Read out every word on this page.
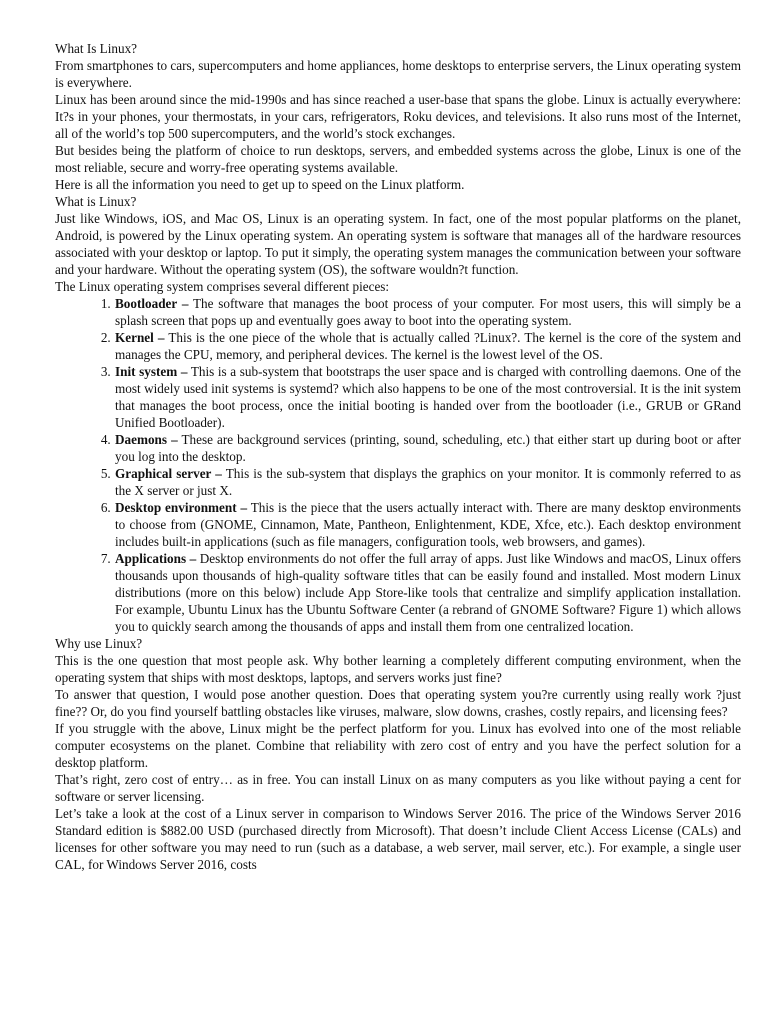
What Is Linux?

From smartphones to cars, supercomputers and home appliances, home desktops to enterprise servers, the Linux operating system is everywhere.

Linux has been around since the mid-1990s and has since reached a user-base that spans the globe. Linux is actually everywhere: It?s in your phones, your thermostats, in your cars, refrigerators, Roku devices, and televisions. It also runs most of the Internet, all of the world’s top 500 supercomputers, and the world’s stock exchanges.

But besides being the platform of choice to run desktops, servers, and embedded systems across the globe, Linux is one of the most reliable, secure and worry-free operating systems available.

Here is all the information you need to get up to speed on the Linux platform.

What is Linux?

Just like Windows, iOS, and Mac OS, Linux is an operating system. In fact, one of the most popular platforms on the planet, Android, is powered by the Linux operating system. An operating system is software that manages all of the hardware resources associated with your desktop or laptop. To put it simply, the operating system manages the communication between your software and your hardware. Without the operating system (OS), the software wouldn?t function.

The Linux operating system comprises several different pieces:

1. Bootloader – The software that manages the boot process of your computer. For most users, this will simply be a splash screen that pops up and eventually goes away to boot into the operating system.
2. Kernel – This is the one piece of the whole that is actually called ?Linux?. The kernel is the core of the system and manages the CPU, memory, and peripheral devices. The kernel is the lowest level of the OS.
3. Init system – This is a sub-system that bootstraps the user space and is charged with controlling daemons. One of the most widely used init systems is systemd? which also happens to be one of the most controversial. It is the init system that manages the boot process, once the initial booting is handed over from the bootloader (i.e., GRUB or GRand Unified Bootloader).
4. Daemons – These are background services (printing, sound, scheduling, etc.) that either start up during boot or after you log into the desktop.
5. Graphical server – This is the sub-system that displays the graphics on your monitor. It is commonly referred to as the X server or just X.
6. Desktop environment – This is the piece that the users actually interact with. There are many desktop environments to choose from (GNOME, Cinnamon, Mate, Pantheon, Enlightenment, KDE, Xfce, etc.). Each desktop environment includes built-in applications (such as file managers, configuration tools, web browsers, and games).
7. Applications – Desktop environments do not offer the full array of apps. Just like Windows and macOS, Linux offers thousands upon thousands of high-quality software titles that can be easily found and installed. Most modern Linux distributions (more on this below) include App Store-like tools that centralize and simplify application installation. For example, Ubuntu Linux has the Ubuntu Software Center (a rebrand of GNOME Software? Figure 1) which allows you to quickly search among the thousands of apps and install them from one centralized location.

Why use Linux?

This is the one question that most people ask. Why bother learning a completely different computing environment, when the operating system that ships with most desktops, laptops, and servers works just fine?

To answer that question, I would pose another question. Does that operating system you?re currently using really work ?just fine?? Or, do you find yourself battling obstacles like viruses, malware, slow downs, crashes, costly repairs, and licensing fees?

If you struggle with the above, Linux might be the perfect platform for you. Linux has evolved into one of the most reliable computer ecosystems on the planet. Combine that reliability with zero cost of entry and you have the perfect solution for a desktop platform.

That’s right, zero cost of entry… as in free. You can install Linux on as many computers as you like without paying a cent for software or server licensing.

Let’s take a look at the cost of a Linux server in comparison to Windows Server 2016. The price of the Windows Server 2016 Standard edition is $882.00 USD (purchased directly from Microsoft). That doesn’t include Client Access License (CALs) and licenses for other software you may need to run (such as a database, a web server, mail server, etc.). For example, a single user CAL, for Windows Server 2016, costs
